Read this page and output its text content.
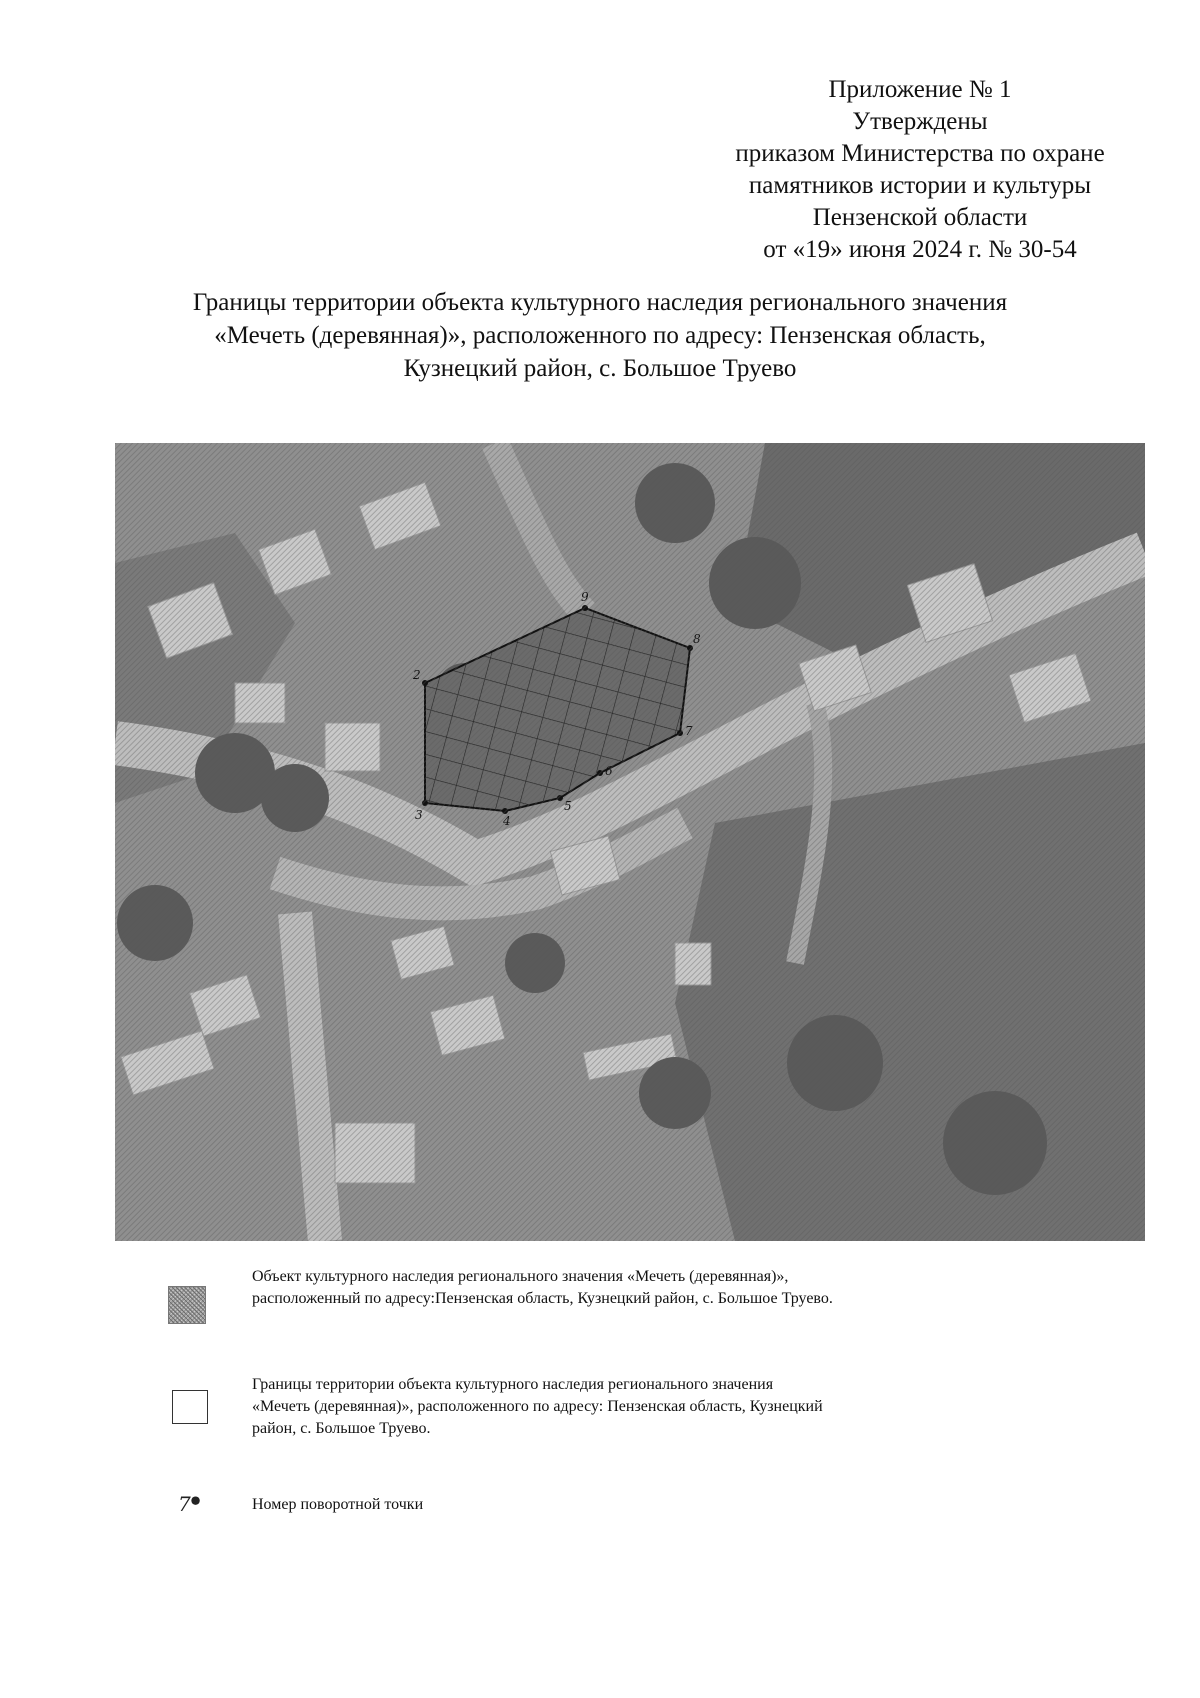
Приложение № 1
Утверждены
приказом Министерства по охране
памятников истории и культуры
Пензенской области
от «19» июня 2024 г. № 30-54
Границы территории объекта культурного наследия регионального значения
«Мечеть (деревянная)», расположенного по адресу: Пензенская область,
Кузнецкий район, с. Большое Труево
Объект культурного наследия регионального значения «Мечеть (деревянная)»,
расположенный по адресу:Пензенская область, Кузнецкий район, с. Большое Труево.
Границы территории объекта культурного наследия регионального значения
«Мечеть (деревянная)», расположенного по адресу: Пензенская область, Кузнецкий
район, с. Большое Труево.
7●	Номер поворотной точки
